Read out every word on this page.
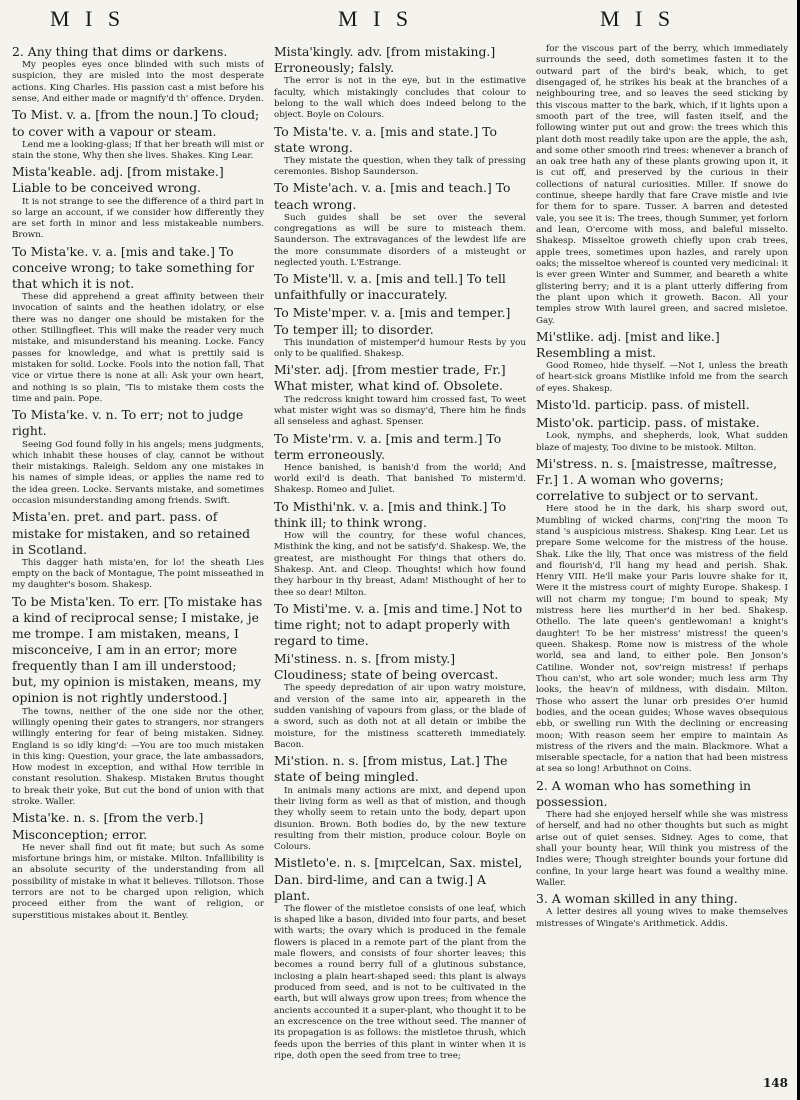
M I S	M I S	M I S
2. Any thing that dims or darkens.
My peoples eyes once blinded with such mists of suspicion, they are misled into the most desperate actions. King Charles. His passion cast a mist before his sense, And either made or magnify'd th' offence. Dryden.
To Mist. v. a. [from the noun.] To cloud; to cover with a vapour or steam.
Lend me a looking-glass; If that her breath will mist or stain the stone, Why then she lives. Shakes. King Lear.
Mista'keable. adj. [from mistake.] Liable to be conceived wrong.
It is not strange to see the difference of a third part in so large an account, if we consider how differently they are set forth in minor and less mistakeable numbers. Brown.
To Mista'ke. v. a. [mis and take.] To conceive wrong; to take something for that which it is not.
These did apprehend a great affinity between their invocation of saints and the heathen idolatry, or else there was no danger one should be mistaken for the other. Stillingfleet. This will make the reader very much mistake, and misunderstand his meaning. Locke. Fancy passes for knowledge, and what is prettily said is mistaken for solid. Locke. Fools into the notion fall, That vice or virtue there is none at all: Ask your own heart, and nothing is so plain, 'Tis to mistake them costs the time and pain. Pope.
To Mista'ke. v. n. To err; not to judge right.
Seeing God found folly in his angels; mens judgments, which inhabit these houses of clay, cannot be without their mistakings. Raleigh. Seldom any one mistakes in his names of simple ideas, or applies the name red to the idea green. Locke. Servants mistake, and sometimes occasion misunderstanding among friends. Swift.
Mista'en. pret. and part. pass. of mistake for mistaken, and so retained in Scotland.
This dagger hath mista'en, for lo! the sheath Lies empty on the back of Montague, The point misseathed in my daughter's bosom. Shakesp.
To be Mista'ken. To err. [To mistake has a kind of reciprocal sense; I mistake, je me trompe. I am mistaken, means, I misconceive, I am in an error; more frequently than I am ill understood; but, my opinion is mistaken, means, my opinion is not rightly understood.]
The towns, neither of the one side nor the other, willingly opening their gates to strangers, nor strangers willingly entering for fear of being mistaken. Sidney. England is so idly king'd: —You are too much mistaken in this king: Question, your grace, the late ambassadors, How modest in exception, and withal How terrible in constant resolution. Shakesp. Mistaken Brutus thought to break their yoke, But cut the bond of union with that stroke. Waller.
Mista'ke. n. s. [from the verb.] Misconception; error.
He never shall find out fit mate; but such As some misfortune brings him, or mistake. Milton. Infallibility is an absolute security of the understanding from all possibility of mistake in what it believes. Tillotson. Those terrors are not to be charged upon religion, which proceed either from the want of religion, or superstitious mistakes about it. Bentley.
Mista'kingly. adv. [from mistaking.] Erroneously; falsly.
The error is not in the eye, but in the estimative faculty, which mistakingly concludes that colour to belong to the wall which does indeed belong to the object. Boyle on Colours.
To Mista'te. v. a. [mis and state.] To state wrong.
They mistate the question, when they talk of pressing ceremonies. Bishop Saunderson.
To Miste'ach. v. a. [mis and teach.] To teach wrong.
Such guides shall be set over the several congregations as will be sure to misteach them. Saunderson. The extravagances of the lewdest life are the more consummate disorders of a misteught or neglected youth. L'Estrange.
To Miste'll. v. a. [mis and tell.] To tell unfaithfully or inaccurately.
To Miste'mper. v. a. [mis and temper.] To temper ill; to disorder.
This inundation of mistemper'd humour Rests by you only to be qualified. Shakesp.
Mi'ster. adj. [from mestier trade, Fr.] What mister, what kind of. Obsolete.
The redcross knight toward him crossed fast, To weet what mister wight was so dismay'd, There him he finds all senseless and aghast. Spenser.
To Miste'rm. v. a. [mis and term.] To term erroneously.
Hence banished, is banish'd from the world; And world exil'd is death. That banished To misterm'd. Shakesp. Romeo and Juliet.
To Misthi'nk. v. a. [mis and think.] To think ill; to think wrong.
How will the country, for these woful chances, Misthink the king, and not be satisfy'd. Shakesp. We, the greatest, are misthought For things that others do. Shakesp. Ant. and Cleop. Thoughts! which how found they harbour in thy breast, Adam! Misthought of her to thee so dear! Milton.
To Misti'me. v. a. [mis and time.] Not to time right; not to adapt properly with regard to time.
Mi'stiness. n. s. [from misty.] Cloudiness; state of being overcast.
The speedy depredation of air upon watry moisture, and version of the same into air, appeareth in the sudden vanishing of vapours from glass, or the blade of a sword, such as doth not at all detain or imbibe the moisture, for the mistiness scattereth immediately. Bacon.
Mi'stion. n. s. [from mistus, Lat.] The state of being mingled.
In animals many actions are mixt, and depend upon their living form as well as that of mistion, and though they wholly seem to retain unto the body, depart upon disunion. Brown. Both bodies do, by the new texture resulting from their mistion, produce colour. Boyle on Colours.
Mistleto'e. n. s. [mıꝼꞇelꞇan, Sax. mistel, Dan. bird-lime, and ꞇan a twig.] A plant.
The flower of the mistletoe consists of one leaf, which is shaped like a bason, divided into four parts, and beset with warts; the ovary which is produced in the female flowers is placed in a remote part of the plant from the male flowers, and consists of four shorter leaves; this becomes a round berry full of a glutinous substance, inclosing a plain heart-shaped seed: this plant is always produced from seed, and is not to be cultivated in the earth, but will always grow upon trees; from whence the ancients accounted it a super-plant, who thought it to be an excrescence on the tree without seed. The manner of its propagation is as follows: the mistletoe thrush, which feeds upon the berries of this plant in winter when it is ripe, doth open the seed from tree to tree;
for the viscous part of the berry, which immediately surrounds the seed, doth sometimes fasten it to the outward part of the bird's beak, which, to get disengaged of, he strikes his beak at the branches of a neighbouring tree, and so leaves the seed sticking by this viscous matter to the bark, which, if it lights upon a smooth part of the tree, will fasten itself, and the following winter put out and grow: the trees which this plant doth most readily take upon are the apple, the ash, and some other smooth rind trees: whenever a branch of an oak tree hath any of these plants growing upon it, it is cut off, and preserved by the curious in their collections of natural curiosities. Miller. If snowe do continue, sheepe hardly that fare Crave mistle and ivie for them for to spare. Tusser. A barren and detested vale, you see it is: The trees, though Summer, yet forlorn and lean, O'ercome with moss, and baleful misselto. Shakesp. Misseltoe groweth chiefly upon crab trees, apple trees, sometimes upon hazles, and rarely upon oaks; the misseltoe whereof is counted very medicinal: it is ever green Winter and Summer, and beareth a white glistering berry; and it is a plant utterly differing from the plant upon which it groweth. Bacon. All your temples strow With laurel green, and sacred misletoe. Gay.
Mi'stlike. adj. [mist and like.] Resembling a mist.
Good Romeo, hide thyself. —Not I, unless the breath of heart-sick groans Mistlike infold me from the search of eyes. Shakesp.
Misto'ld. particip. pass. of mistell.
Misto'ok. particip. pass. of mistake.
Look, nymphs, and shepherds, look, What sudden blaze of majesty, Too divine to be mistook. Milton.
Mi'stress. n. s. [maistresse, maîtresse, Fr.] 1. A woman who governs; correlative to subject or to servant.
Here stood he in the dark, his sharp sword out, Mumbling of wicked charms, conj'ring the moon To stand 's auspicious mistress. Shakesp. King Lear. Let us prepare Some welcome for the mistress of the house. Shak. Like the lily, That once was mistress of the field and flourish'd, I'll hang my head and perish. Shak. Henry VIII. He'll make your Paris louvre shake for it, Were it the mistress court of mighty Europe. Shakesp. I will not charm my tongue; I'm bound to speak; My mistress here lies murther'd in her bed. Shakesp. Othello. The late queen's gentlewoman! a knight's daughter! To be her mistress' mistress! the queen's queen. Shakesp. Rome now is mistress of the whole world, sea and land, to either pole. Ben Jonson's Catiline. Wonder not, sov'reign mistress! if perhaps Thou can'st, who art sole wonder; much less arm Thy looks, the heav'n of mildness, with disdain. Milton. Those who assert the lunar orb presides O'er humid bodies, and the ocean guides; Whose waves obsequious ebb, or swelling run With the declining or encreasing moon; With reason seem her empire to maintain As mistress of the rivers and the main. Blackmore. What a miserable spectacle, for a nation that had been mistress at sea so long! Arbuthnot on Coins.
2. A woman who has something in possession.
There had she enjoyed herself while she was mistress of herself, and had no other thoughts but such as might arise out of quiet senses. Sidney. Ages to come, that shall your bounty hear, Will think you mistress of the Indies were; Though streighter bounds your fortune did confine, In your large heart was found a wealthy mine. Waller.
3. A woman skilled in any thing.
A letter desires all young wives to make themselves mistresses of Wingate's Arithmetick. Addis.
148
